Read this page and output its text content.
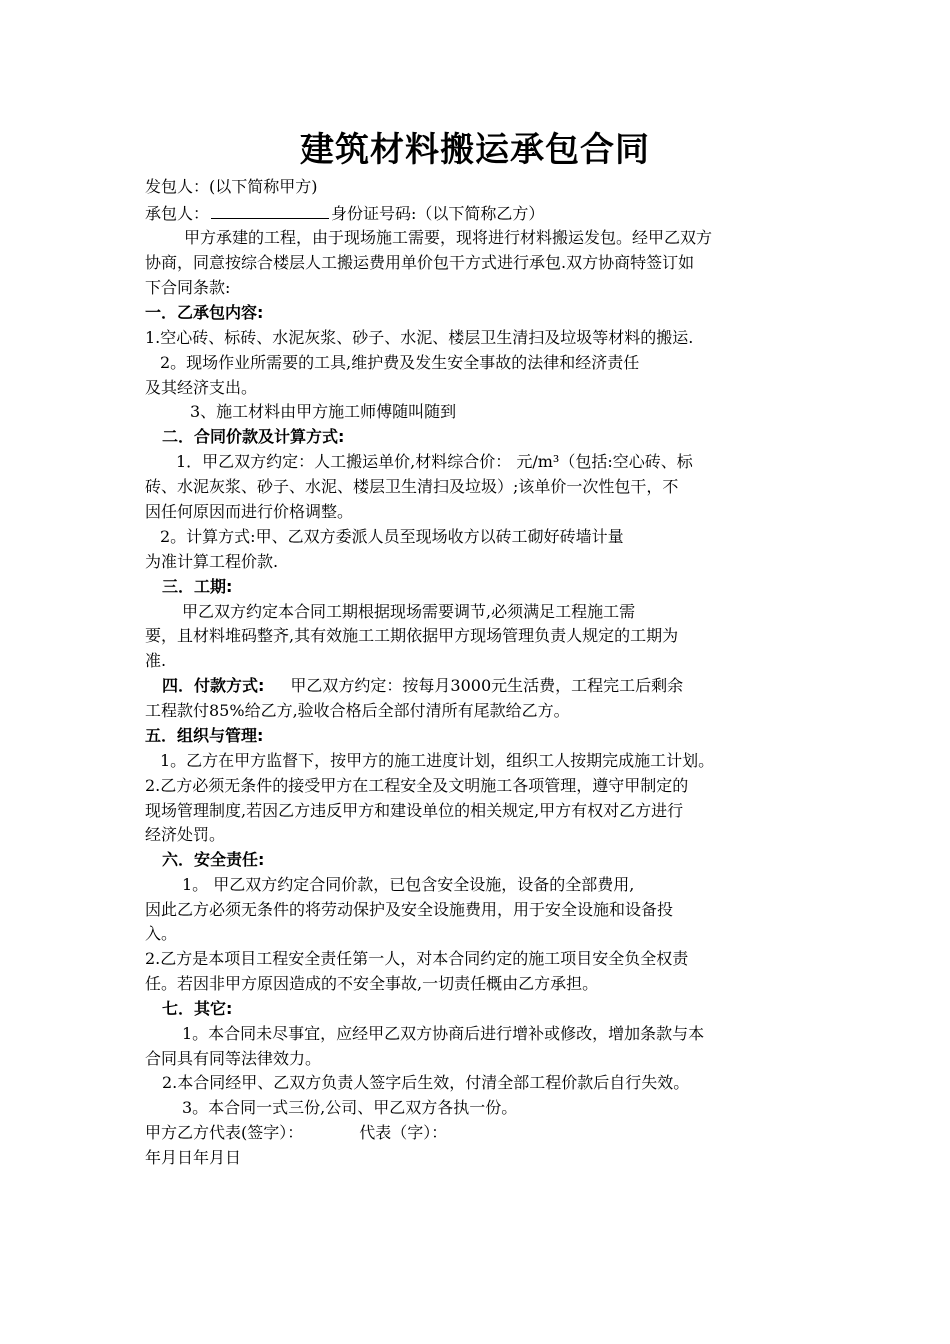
建筑材料搬运承包合同
发包人：(以下简称甲方)
承包人：	身份证号码:（以下简称乙方）
甲方承建的工程，由于现场施工需要，现将进行材料搬运发包。经甲乙双方
协商，同意按综合楼层人工搬运费用单价包干方式进行承包.双方协商特签订如
下合同条款:
一．乙承包内容:
1.空心砖、标砖、水泥灰浆、砂子、水泥、楼层卫生清扫及垃圾等材料的搬运.
2。现场作业所需要的工具,维护费及发生安全事故的法律和经济责任
及其经济支出。
3、施工材料由甲方施工师傅随叫随到
二．合同价款及计算方式:
1．甲乙双方约定：人工搬运单价,材料综合价： 元/m³（包括:空心砖、标
砖、水泥灰浆、砂子、水泥、楼层卫生清扫及垃圾）;该单价一次性包干，不
因任何原因而进行价格调整。
2。计算方式:甲、乙双方委派人员至现场收方以砖工砌好砖墙计量
为准计算工程价款.
三．工期:
甲乙双方约定本合同工期根据现场需要调节,必须满足工程施工需
要，且材料堆码整齐,其有效施工工期依据甲方现场管理负责人规定的工期为
准.
四．付款方式: 甲乙双方约定：按每月3000元生活费，工程完工后剩余
工程款付85%给乙方,验收合格后全部付清所有尾款给乙方。
五．组织与管理:
1。乙方在甲方监督下，按甲方的施工进度计划，组织工人按期完成施工计划。
2.乙方必须无条件的接受甲方在工程安全及文明施工各项管理，遵守甲制定的
现场管理制度,若因乙方违反甲方和建设单位的相关规定,甲方有权对乙方进行
经济处罚。
六．安全责任:
1。 甲乙双方约定合同价款，已包含安全设施，设备的全部费用,
因此乙方必须无条件的将劳动保护及安全设施费用，用于安全设施和设备投
入。
2.乙方是本项目工程安全责任第一人，对本合同约定的施工项目安全负全权责
任。若因非甲方原因造成的不安全事故,一切责任概由乙方承担。
七．其它:
1。本合同未尽事宜，应经甲乙双方协商后进行增补或修改，增加条款与本
合同具有同等法律效力。
2.本合同经甲、乙双方负责人签字后生效，付清全部工程价款后自行失效。
3。本合同一式三份,公司、甲乙双方各执一份。
甲方乙方代表(签字）：	代表（字）：
年月日年月日
